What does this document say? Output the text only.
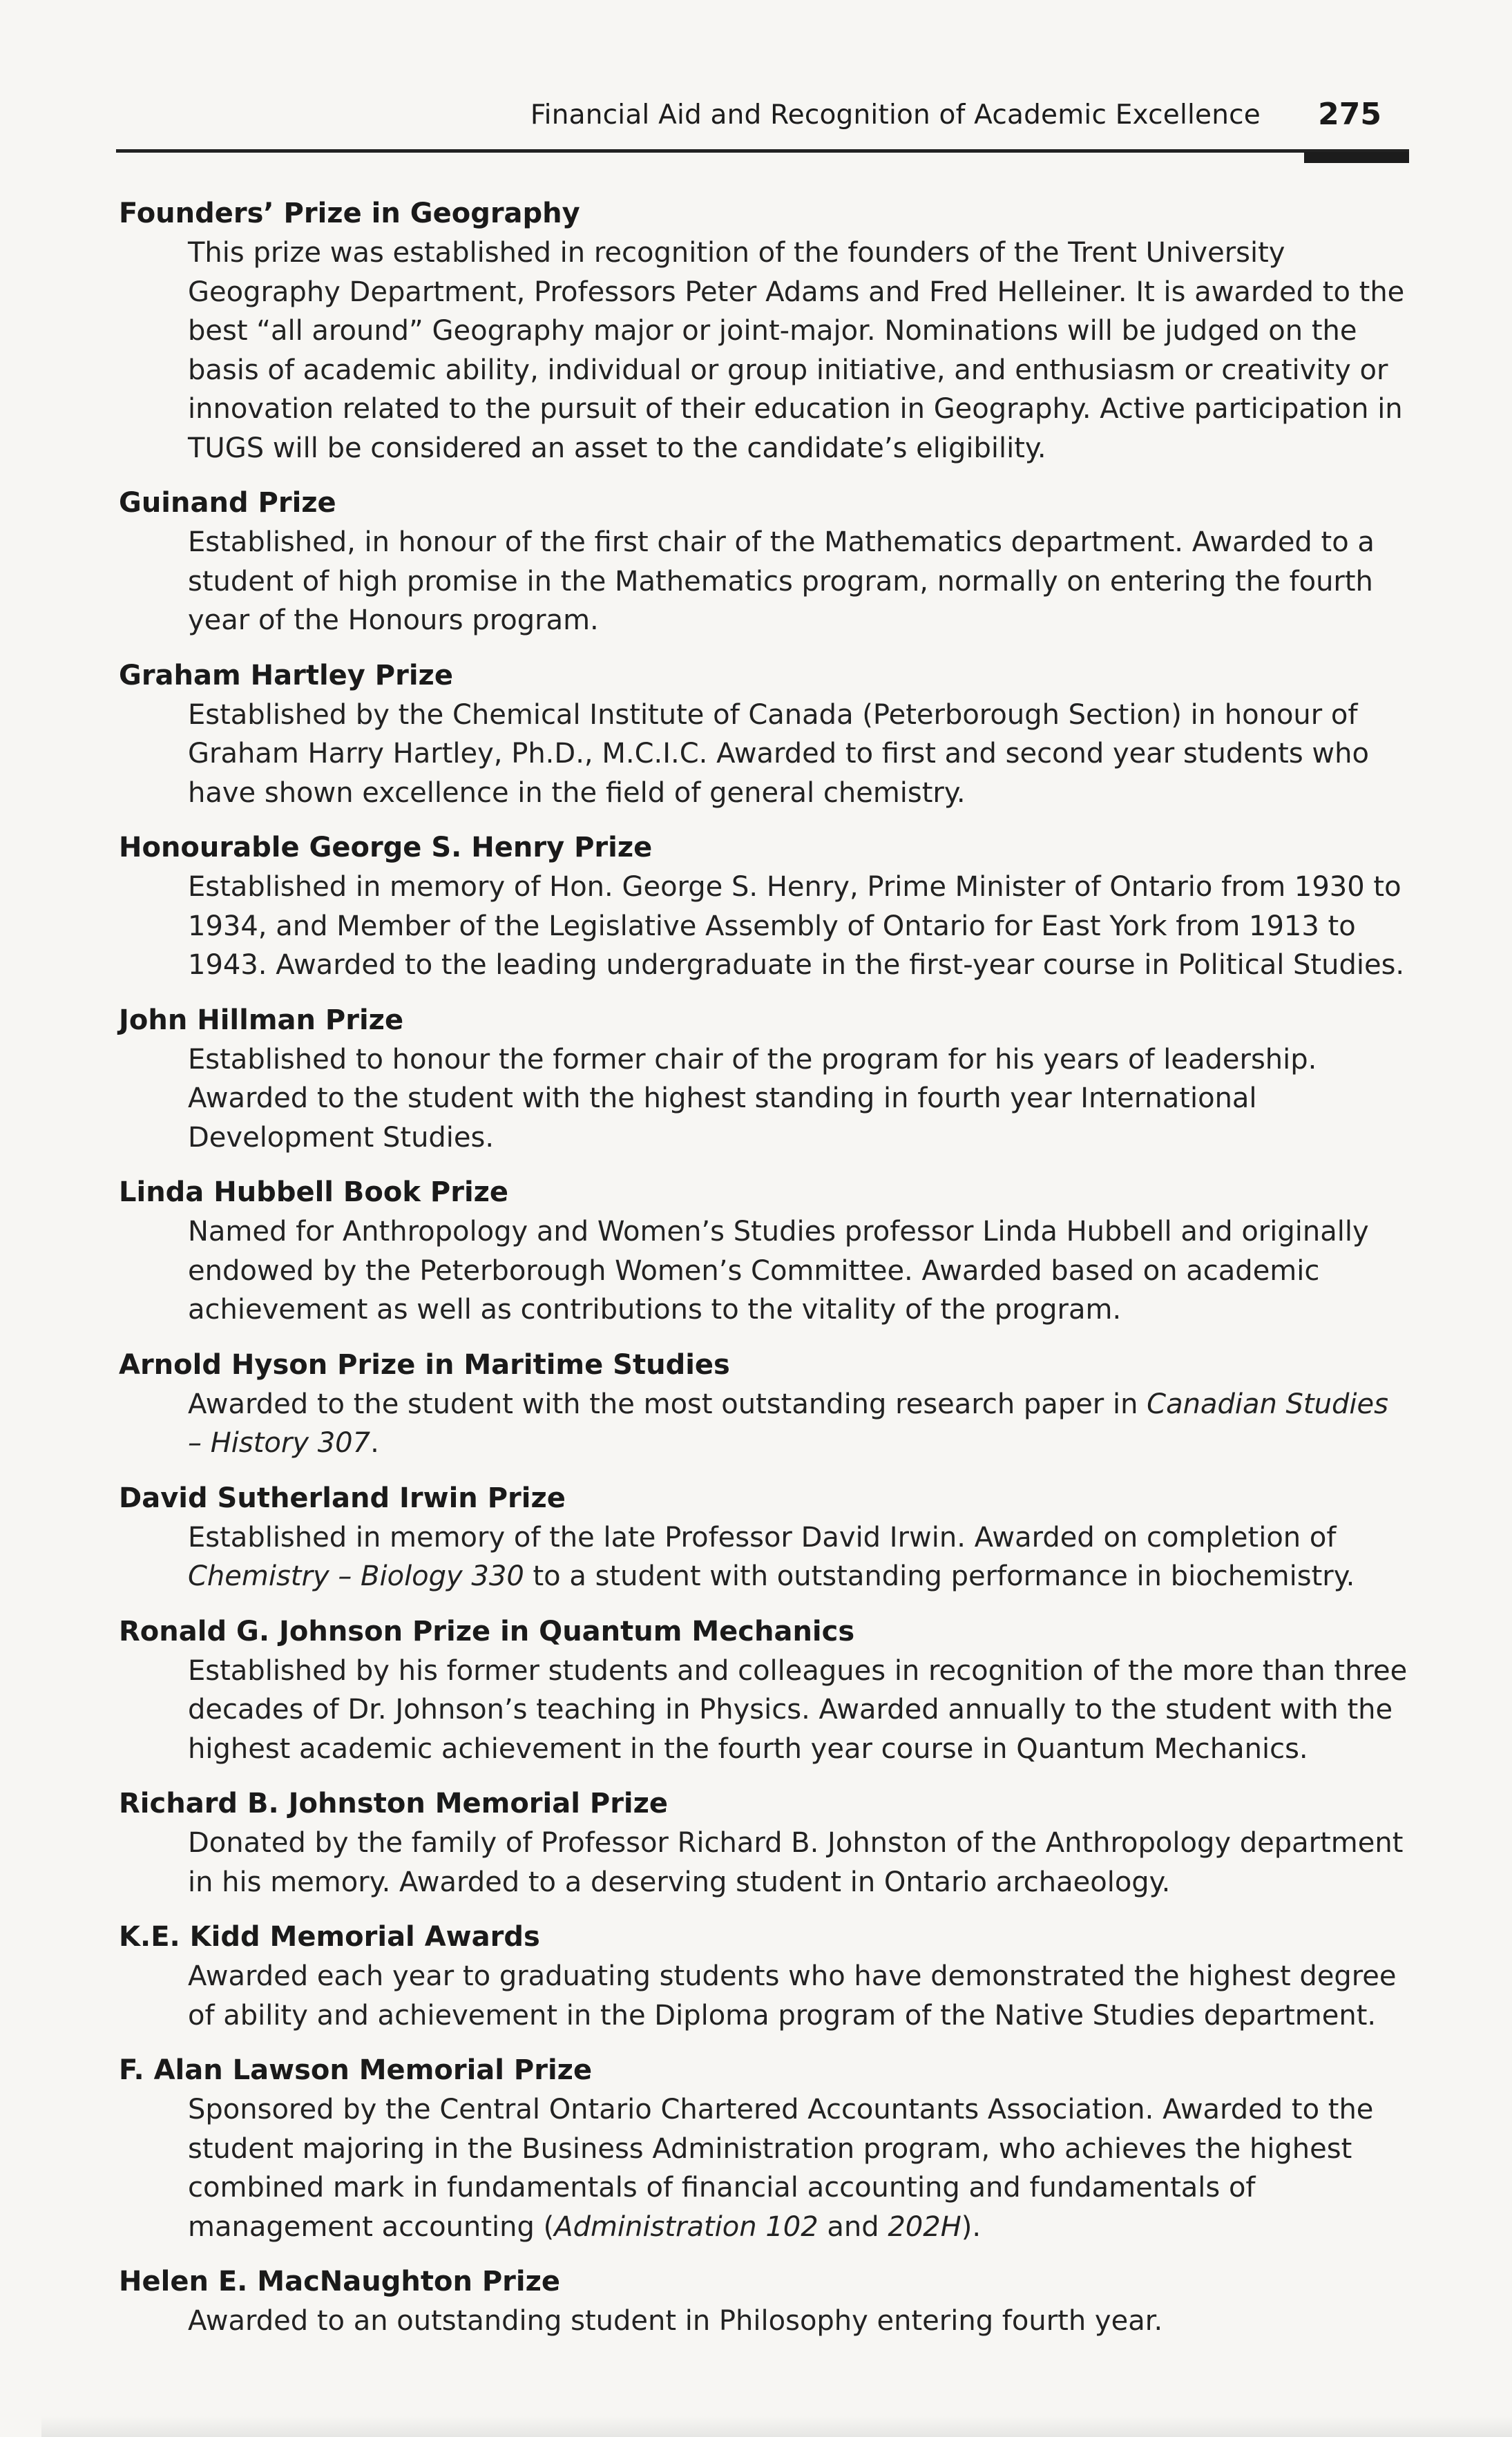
Financial Aid and Recognition of Academic Excellence 275
Founders’ Prize in Geography
This prize was established in recognition of the founders of the Trent University Geography Department, Professors Peter Adams and Fred Helleiner. It is awarded to the best “all around” Geography major or joint-major. Nominations will be judged on the basis of academic ability, individual or group initiative, and enthusiasm or creativity or innovation related to the pursuit of their education in Geography. Active participation in TUGS will be considered an asset to the candidate’s eligibility.
Guinand Prize
Established, in honour of the first chair of the Mathematics department. Awarded to a student of high promise in the Mathematics program, normally on entering the fourth year of the Honours program.
Graham Hartley Prize
Established by the Chemical Institute of Canada (Peterborough Section) in honour of Graham Harry Hartley, Ph.D., M.C.I.C. Awarded to first and second year students who have shown excellence in the field of general chemistry.
Honourable George S. Henry Prize
Established in memory of Hon. George S. Henry, Prime Minister of Ontario from 1930 to 1934, and Member of the Legislative Assembly of Ontario for East York from 1913 to 1943. Awarded to the leading undergraduate in the first-year course in Political Studies.
John Hillman Prize
Established to honour the former chair of the program for his years of leadership. Awarded to the student with the highest standing in fourth year International Development Studies.
Linda Hubbell Book Prize
Named for Anthropology and Women’s Studies professor Linda Hubbell and originally endowed by the Peterborough Women’s Committee. Awarded based on academic achievement as well as contributions to the vitality of the program.
Arnold Hyson Prize in Maritime Studies
Awarded to the student with the most outstanding research paper in Canadian Studies – History 307.
David Sutherland Irwin Prize
Established in memory of the late Professor David Irwin. Awarded on completion of Chemistry – Biology 330 to a student with outstanding performance in biochemistry.
Ronald G. Johnson Prize in Quantum Mechanics
Established by his former students and colleagues in recognition of the more than three decades of Dr. Johnson’s teaching in Physics. Awarded annually to the student with the highest academic achievement in the fourth year course in Quantum Mechanics.
Richard B. Johnston Memorial Prize
Donated by the family of Professor Richard B. Johnston of the Anthropology department in his memory. Awarded to a deserving student in Ontario archaeology.
K.E. Kidd Memorial Awards
Awarded each year to graduating students who have demonstrated the highest degree of ability and achievement in the Diploma program of the Native Studies department.
F. Alan Lawson Memorial Prize
Sponsored by the Central Ontario Chartered Accountants Association. Awarded to the student majoring in the Business Administration program, who achieves the highest combined mark in fundamentals of financial accounting and fundamentals of management accounting (Administration 102 and 202H).
Helen E. MacNaughton Prize
Awarded to an outstanding student in Philosophy entering fourth year.
